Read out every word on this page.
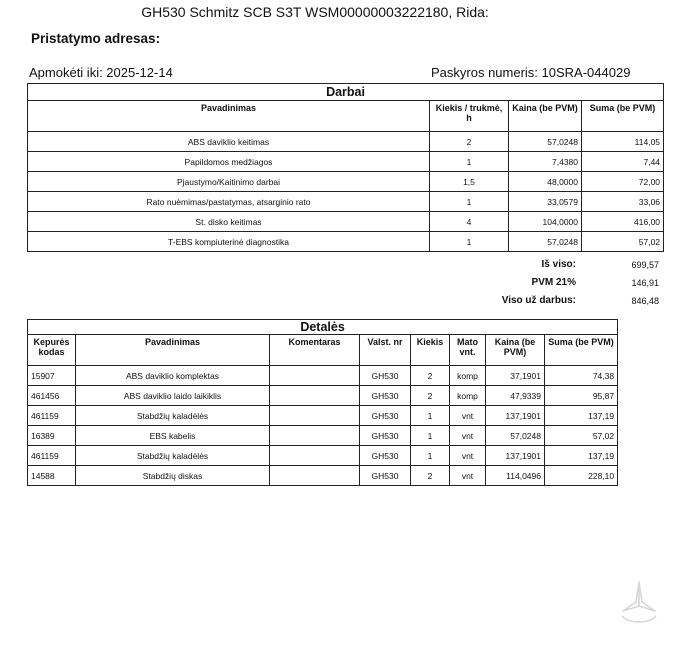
GH530 Schmitz SCB S3T WSM00000003222180, Rida:
Pristatymo adresas:
Apmokėti iki: 2025-12-14	Paskyros numeris: 10SRA-044029
Darbai			
Pavadinimas	Kiekis / trukmė, h	Kaina (be PVM)	Suma (be PVM)
ABS daviklio keitimas	2	57,0248	114,05
Papildomos medžiagos	1	7,4380	7,44
Pjaustymo/Kaitinimo darbai	1,5	48,0000	72,00
Rato nuėmimas/pastatymas, atsarginio rato	1	33,0579	33,06
St. disko keitimas	4	104,0000	416,00
T-EBS kompiuterinė diagnostika	1	57,0248	57,02
Iš viso:	699,57
PVM 21%	146,91
Viso už darbus:	846,48
Detalės							
Kepurės kodas	Pavadinimas	Komentaras	Valst. nr	Kiekis	Mato vnt.	Kaina (be PVM)	Suma (be PVM)
15907	ABS daviklio komplektas		GH530	2	komp	37,1901	74,38
461456	ABS daviklio laido laikiklis		GH530	2	komp	47,9339	95,87
461159	Stabdžių kaladėlės		GH530	1	vnt	137,1901	137,19
16389	EBS kabelis		GH530	1	vnt	57,0248	57,02
461159	Stabdžių kaladėlės		GH530	1	vnt	137,1901	137,19
14588	Stabdžių diskas		GH530	2	vnt	114,0496	228,10
